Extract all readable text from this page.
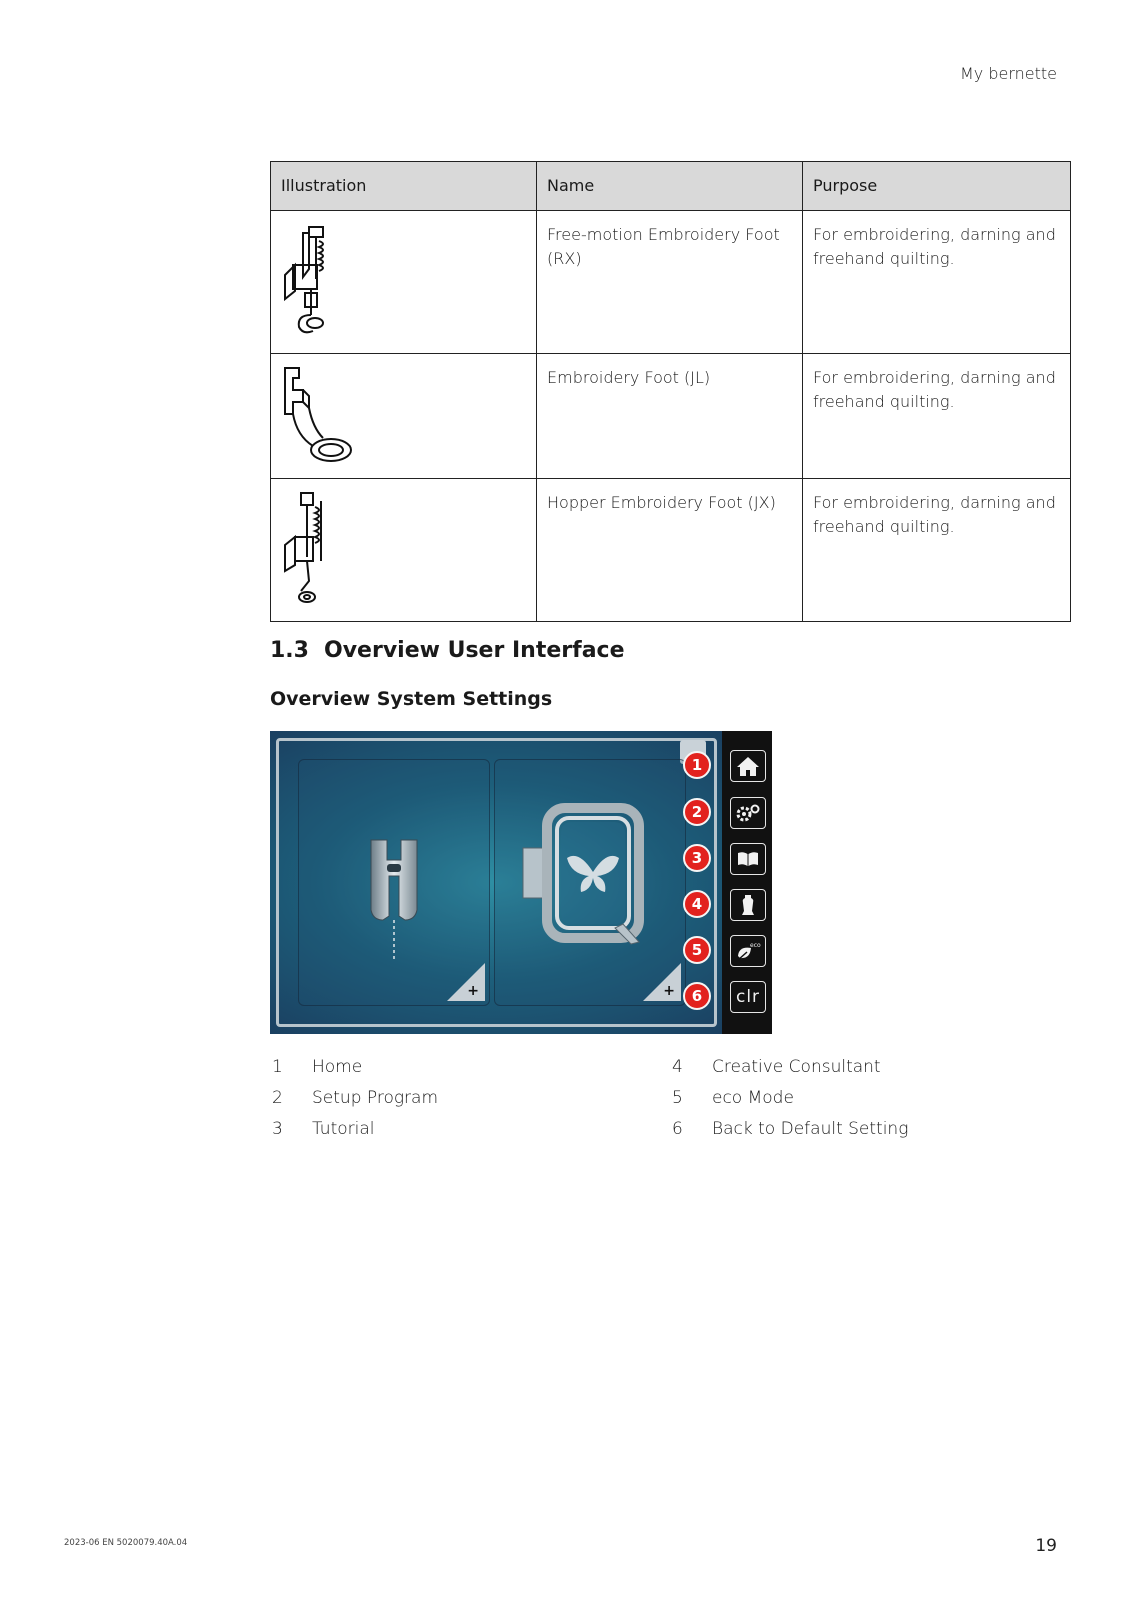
My bernette
Illustration	Name	Purpose

	Free-motion Embroidery Foot (RX)	For embroidering, darning and freehand quilting.

	Embroidery Foot (JL)	For embroidering, darning and freehand quilting.

	Hopper Embroidery Foot (JX)	For embroidering, darning and freehand quilting.
1.3 Overview User Interface
Overview System Settings
+	+
1
2
3
4
5
6
eco
clr
1	Home
2	Setup Program
3	Tutorial
4	Creative Consultant
5	eco Mode
6	Back to Default Setting
2023-06 EN 5020079.40A.04	19
